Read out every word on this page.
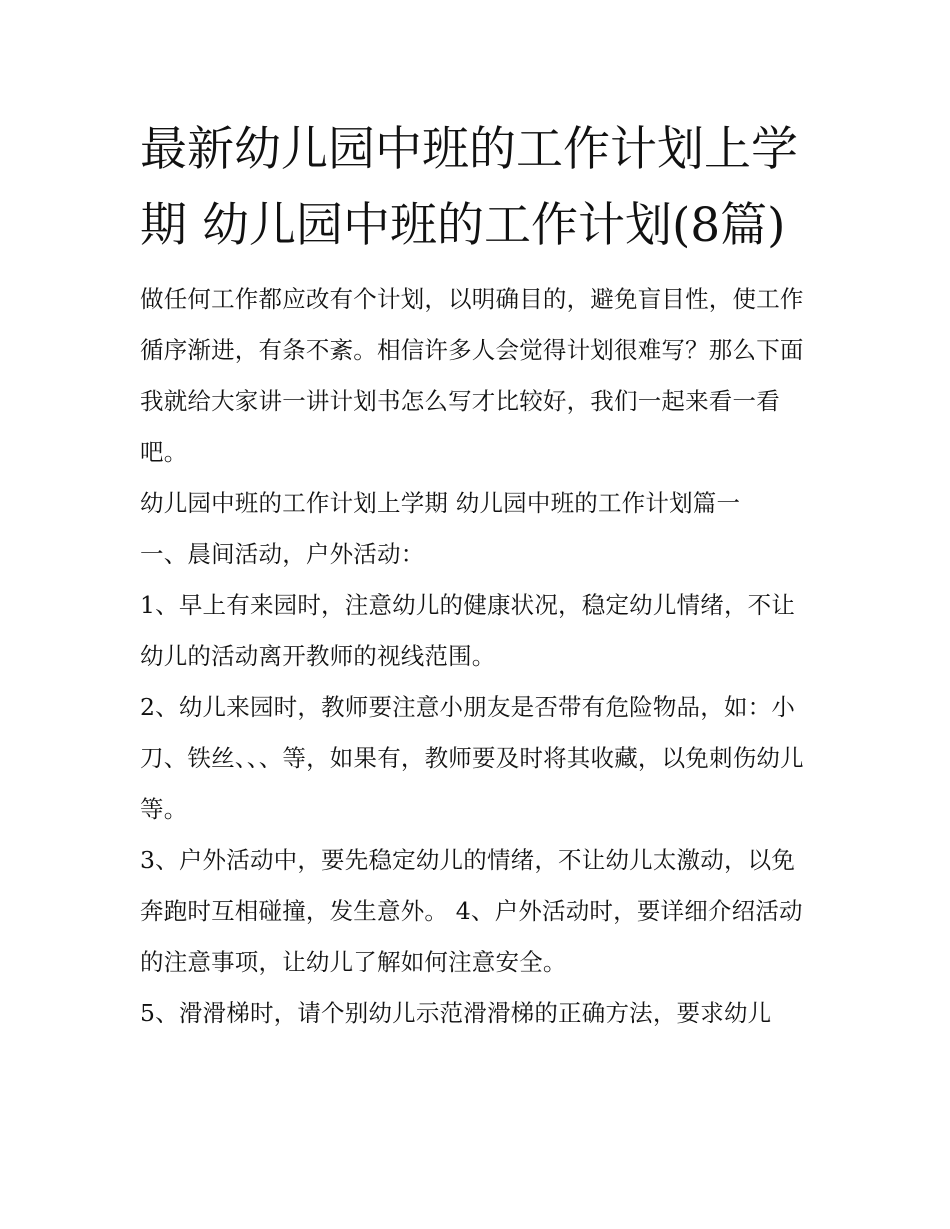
最新幼儿园中班的工作计划上学期 幼儿园中班的工作计划(8篇)

做任何工作都应改有个计划，以明确目的，避免盲目性，使工作循序渐进，有条不紊。相信许多人会觉得计划很难写？那么下面我就给大家讲一讲计划书怎么写才比较好，我们一起来看一看吧。

幼儿园中班的工作计划上学期 幼儿园中班的工作计划篇一

一、晨间活动，户外活动：

1、早上有来园时，注意幼儿的健康状况，稳定幼儿情绪，不让幼儿的活动离开教师的视线范围。

2、幼儿来园时，教师要注意小朋友是否带有危险物品，如：小刀、铁丝、、、等，如果有，教师要及时将其收藏，以免刺伤幼儿等。

3、户外活动中，要先稳定幼儿的情绪，不让幼儿太激动，以免奔跑时互相碰撞，发生意外。 4、户外活动时，要详细介绍活动的注意事项，让幼儿了解如何注意安全。

5、滑滑梯时，请个别幼儿示范滑滑梯的正确方法，要求幼儿
